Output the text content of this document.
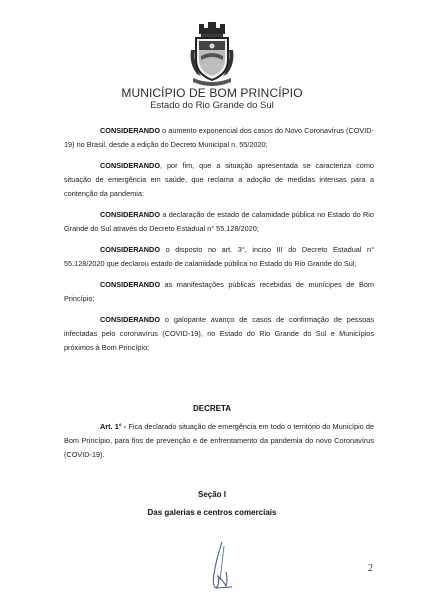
MUNICÍPIO DE BOM PRINCÍPIO
Estado do Rio Grande do Sul

CONSIDERANDO o aumento exponencial dos casos do Novo Coronavírus (COVID-19) no Brasil, desde a edição do Decreto Municipal n. 55/2020;

CONSIDERANDO, por fim, que a situação apresentada se caracteriza como situação de emergência em saúde, que reclama a adoção de medidas intensas para a contenção da pandemia;

CONSIDERANDO a declaração de estado de calamidade pública no Estado do Rio Grande do Sul através do Decreto Estadual n° 55.128/2020;

CONSIDERANDO o disposto no art. 3°, inciso III do Decreto Estadual n° 55.128/2020 que declarou estado de calamidade pública no Estado do Rio Grande do Sul;

CONSIDERANDO as manifestações públicas recebidas de munícipes de Bom Princípio;

CONSIDERANDO o galopante avanço de casos de confirmação de pessoas infectadas pelo coronavírus (COVID-19), no Estado do Rio Grande do Sul e Municípios próximos à Bom Princípio;

DECRETA

Art. 1° - Fica declarado situação de emergência em todo o território do Município de Bom Princípio, para fins de prevenção e de enfrentamento da pandemia do novo Coronavírus (COVID-19).

Seção I
Das galerias e centros comerciais
2
